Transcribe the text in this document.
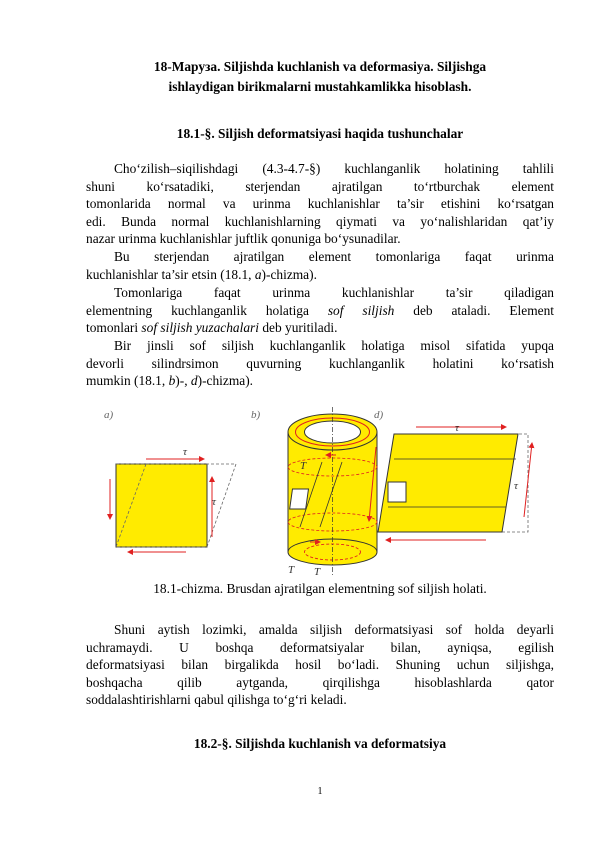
18-Маруза. Siljishda kuchlanish va deformasiya. Siljishga
ishlaydigan birikmalarni mustahkamlikka hisoblash.
18.1-§. Siljish deformatsiyasi haqida tushunchalar
Cho‘zilish–siqilishdagi (4.3-4.7-§) kuchlanganlik holatining tahlili
shuni ko‘rsatadiki, sterjendan ajratilgan to‘rtburchak element
tomonlarida normal va urinma kuchlanishlar ta’sir etishini ko‘rsatgan
edi. Bunda normal kuchlanishlarning qiymati va yo‘nalishlaridan qat’iy
nazar urinma kuchlanishlar juftlik qonuniga bo‘ysunadilar.
Bu sterjendan ajratilgan element tomonlariga faqat urinma
kuchlanishlar ta’sir etsin (18.1, a)-chizma).
Tomonlariga faqat urinma kuchlanishlar ta’sir qiladigan
elementning kuchlanganlik holatiga sof siljish deb ataladi. Element
tomonlari sof siljish yuzachalari deb yuritiladi.
Bir jinsli sof siljish kuchlanganlik holatiga misol sifatida yupqa
devorli silindrsimon quvurning kuchlanganlik holatini ko‘rsatish
mumkin (18.1, b)-, d)-chizma).
a)
τ
τ
b)
T
T T
d)
τ
τ
18.1-chizma. Brusdan ajratilgan elementning sof siljish holati.
Shuni aytish lozimki, amalda siljish deformatsiyasi sof holda deyarli
uchramaydi. U boshqa deformatsiyalar bilan, ayniqsa, egilish
deformatsiyasi bilan birgalikda hosil bo‘ladi. Shuning uchun siljishga,
boshqacha qilib aytganda, qirqilishga hisoblashlarda qator
soddalashtirishlarni qabul qilishga to‘g‘ri keladi.
18.2-§. Siljishda kuchlanish va deformatsiya
1
